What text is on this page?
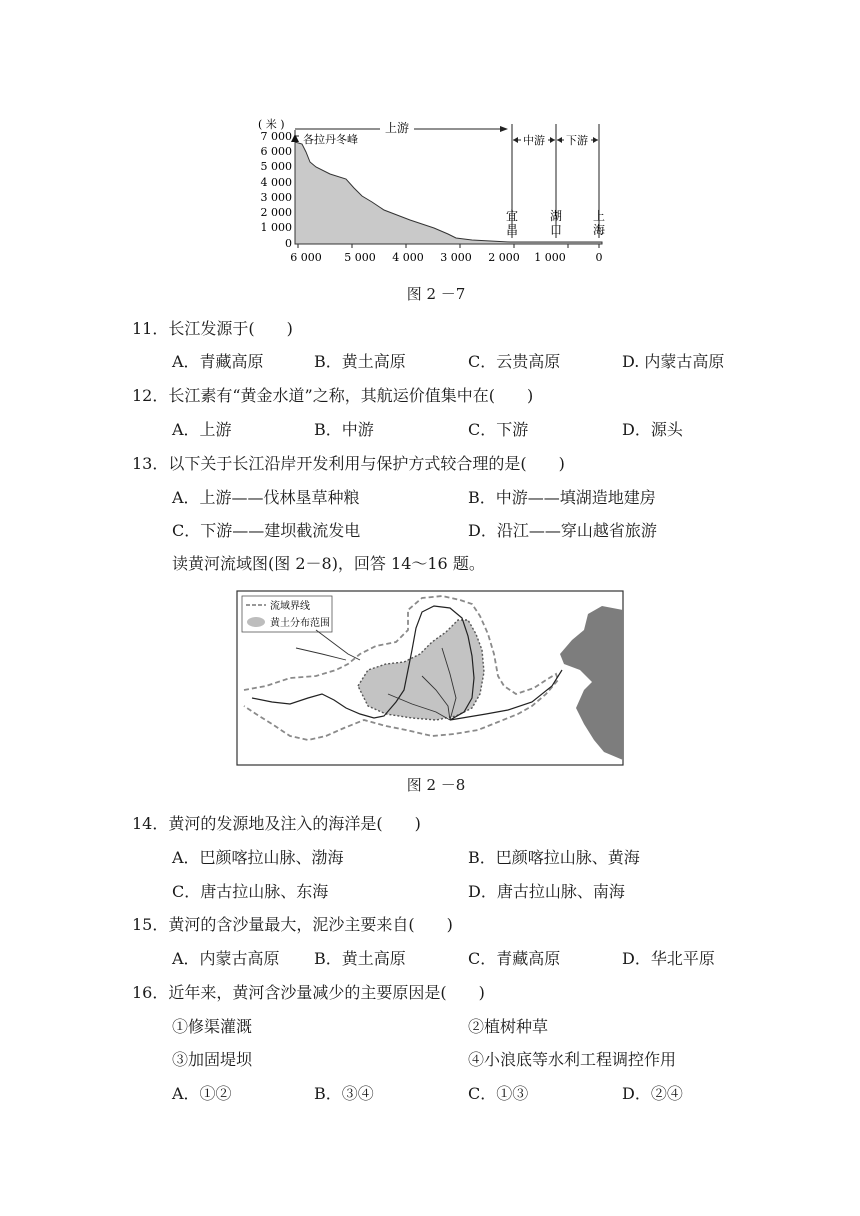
( 米 )
7 000
6 000
5 000
4 000
3 000
2 000
1 000
0
各拉丹冬峰
上游
中游 下游
宜
昌
湖
口
上
海
6 000 5 000 4 000 3 000 2 000 1 000	0
图 2 －7
11．长江发源于(　　)
A．青藏高原	B．黄土高原	C．云贵高原	D. 内蒙古高原
12．长江素有“黄金水道”之称，其航运价值集中在(　　)
A．上游	B．中游	C．下游	D．源头
13．以下关于长江沿岸开发利用与保护方式较合理的是(　　)
A．上游——伐林垦草种粮	B．中游——填湖造地建房
C．下游——建坝截流发电	D．沿江——穿山越省旅游
读黄河流域图(图 2－8)，回答 14～16 题。
流域界线
黄土分布范围
图 2 －8
14．黄河的发源地及注入的海洋是(　　)
A．巴颜喀拉山脉、渤海	B．巴颜喀拉山脉、黄海
C．唐古拉山脉、东海	D．唐古拉山脉、南海
15．黄河的含沙量最大，泥沙主要来自(　　)
A．内蒙古高原 B．黄土高原	C．青藏高原	D．华北平原
16．近年来，黄河含沙量减少的主要原因是(　　)
①修渠灌溉	②植树种草
③加固堤坝	④小浪底等水利工程调控作用
A．①②	B．③④	C．①③	D．②④
